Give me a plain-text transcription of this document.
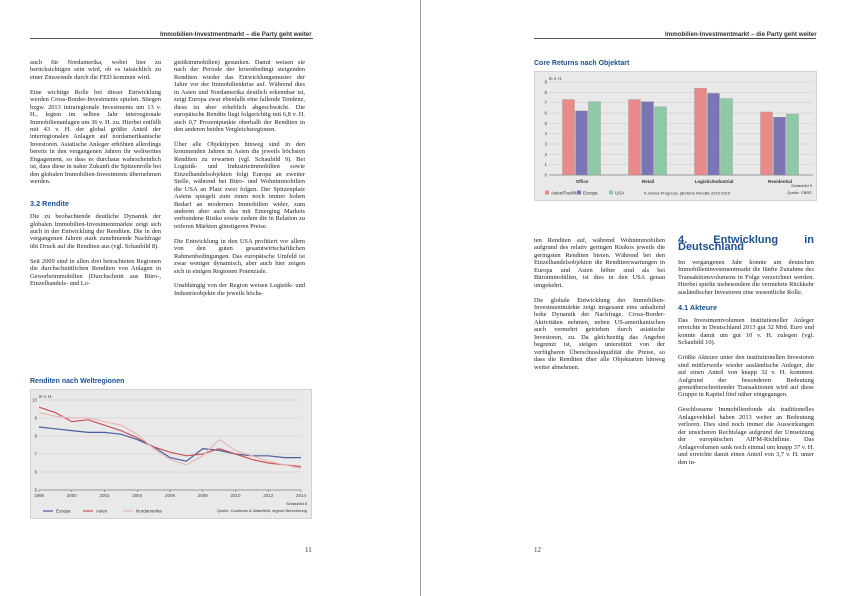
Immobilien-Investmentmarkt – die Party geht weiter

auch für Nordamerika, wobei hier zu berücksichtigen sein wird, ob es tatsächlich zu einer Zinswende durch die FED kommen wird.

Eine wichtige Rolle bei dieser Entwicklung werden Cross-Border-Investments spielen. Stiegen bzgw. 2013 intraregionale Investments um 13 v. H., legten im selben Jahr interregionale Immobilienanlagen um 36 v. H. zu. Hierbei entfällt mit 43 v. H. der global größte Anteil der interregionalen Anlagen auf nordamerikanische Investoren. Asiatische Anleger erhöhten allerdings bereits in den vergangenen Jahren ihr weltweites Engagement, so dass es durchaus wahrscheinlich ist, dass diese in naher Zukunft die Spitzenrolle bei den globalen Immobilien-Investments übernehmen werden.

3.2 Rendite

Die zu beobachtende deutliche Dynamik der globalen Immobilien-Investmentmärkte zeigt sich auch in der Entwicklung der Renditen. Die in den vergangenen Jahren stark zunehmende Nachfrage übt Druck auf die Renditen aus (vgl. Schaubild 8).

Seit 2009 sind in allen drei betrachteten Regionen die durchschnittlichen Renditen von Anlagen in Gewerbeimmobilien (Durchschnitt aus Büro-, Einzelhandels- und Lo-

gistikimmobilien) gesunken. Damit weisen sie nach der Periode der krisenbedingt steigenden Renditen wieder das Entwicklungsmuster der Jahre vor der Immobilienkrise auf. Während dies in Asien und Nordamerika deutlich erkennbar ist, zeigt Europa zwar ebenfalls eine fallende Tendenz, diese ist aber erheblich abgeschwächt. Die europäische Rendite liegt folgerichtig mit 6,8 v. H. auch 0,7 Prozentpunkte oberhalb der Renditen in den anderen beiden Vergleichsregionen.

Über alle Objekttypen hinweg sind in den kommenden Jahren in Asien die jeweils höchsten Renditen zu erwarten (vgl. Schaubild 9). Bei Logistik- und Industrieimmobilien sowie Einzelhandelsobjekten folgt Europa an zweiter Stelle, während bei Büro- und Wohnimmobilien die USA an Platz zwei folgen. Der Spitzenplatz Asiens spiegelt zum einen noch immer hohen Bedarf an modernen Immobilien wider, zum anderen aber auch das mit Emerging Markets verbundene Risiko sowie zudem die in Relation zu reiferen Märkten günstigeren Preise.

Die Entwicklung in den USA profitiert vor allem von den guten gesamtwirtschaftlichen Rahmenbedingungen. Das europäische Umfeld ist zwar weniger dynamisch, aber auch hier zeigen sich in einigen Regionen Potenziale.

Unabhängig von der Region weisen Logistik- und Industrieobjekte die jeweils höchs-

Renditen nach Weltregionen
in v. H.
5
6
7
8
9
10
1998	2000	2002	2004	2006	2008	2010	2012	2014
Europa	Asien	Nordamerika
Schaubild 8
Quelle: Cushman & Wakefield, eigene Berechnung
11
Immobilien-Investmentmarkt – die Party geht weiter
Core Returns nach Objektart
in v. H.
0
1
2
3
4
5
6
7
8
9
Office	Retail	Logistic/Industrial	Residential
Asien/Pazifik Europa	USA	5-Jahres-Prognose, jährliche Rendite 2015-2019
Schaubild 9
Quelle: CBRE

ten Renditen auf, während Wohnimmobilien aufgrund des relativ geringen Risikos jeweils die geringsten Renditen bieten. Während bei den Einzelhandelsobjekten die Renditeerwartungen in Europa und Asien höher sind als bei Büroimmobilien, ist dies in den USA genau umgekehrt.

Die globale Entwicklung der Immobilien-Investmentmärkte zeigt insgesamt eine anhaltend hohe Dynamik der Nachfrage. Cross-Border-Aktivitäten nehmen, neben US-amerikanischen auch vermehrt getrieben durch asiatische Investoren, zu. Da gleichzeitig das Angebot begrenzt ist, steigen unterstützt von der verfügbaren Überschussliquidität die Preise, so dass die Renditen über alle Objektarten hinweg weiter abnehmen.

4. Entwicklung in Deutschland

Im vergangenen Jahr konnte am deutschen Immobilieninvestmentmarkt die fünfte Zunahme des Transaktionsvolumens in Folge verzeichnet werden. Hierbei spielte insbesondere die vermehrte Rückkehr ausländischer Investoren eine wesentliche Rolle.

4.1 Akteure

Das Investmentvolumen institutioneller Anleger erreichte in Deutschland 2013 gut 32 Mrd. Euro und konnte damit um gut 10 v. H. zulegen (vgl. Schaubild 10).

Größte Akteure unter den institutionellen Investoren sind mittlerweile wieder ausländische Anleger, die auf einen Anteil von knapp 32 v. H. kommen. Aufgrund der besonderen Bedeutung grenzüberschreitender Transaktionen wird auf diese Gruppe in Kapitel fünf näher eingegangen.

Geschlossene Immobilienfonds als traditionelles Anlagevehikel haben 2013 weiter an Bedeutung verloren. Dies sind noch immer die Auswirkungen der unsicheren Rechtslage aufgrund der Umsetzung der europäischen AIFM-Richtlinie. Das Anlagevolumen sank noch einmal um knapp 37 v. H. und erreichte damit einen Anteil von 3,7 v. H. unter den in-

12
